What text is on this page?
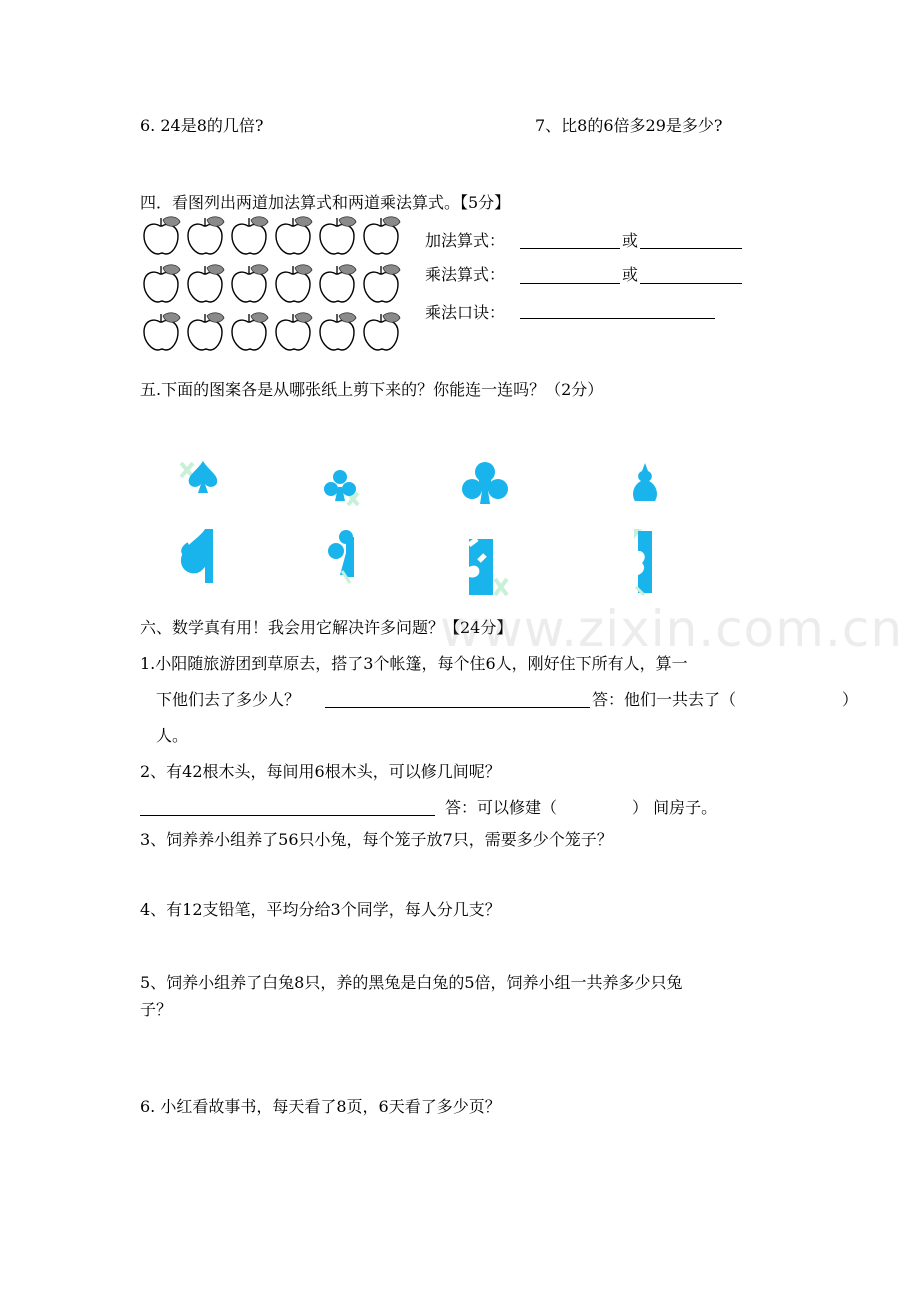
6. 24是8的几倍?	7、比8的6倍多29是多少?
四．看图列出两道加法算式和两道乘法算式。【5分】
加法算式：	或
乘法算式：	或
乘法口诀：
五.下面的图案各是从哪张纸上剪下来的？你能连一连吗？（2分）
六、数学真有用！我会用它解决许多问题？【24分】
1.小阳随旅游团到草原去，搭了3个帐篷，每个住6人，刚好住下所有人，算一
下他们去了多少人？	答：他们一共去了（	）
人。
2、有42根木头，每间用6根木头，可以修几间呢？
答：可以修建（	） 间房子。
3、饲养养小组养了56只小兔，每个笼子放7只，需要多少个笼子？
4、有12支铅笔，平均分给3个同学，每人分几支？
5、饲养小组养了白兔8只，养的黑兔是白兔的5倍，饲养小组一共养多少只兔
子？
6. 小红看故事书，每天看了8页，6天看了多少页？
www.zixin.com.cn
